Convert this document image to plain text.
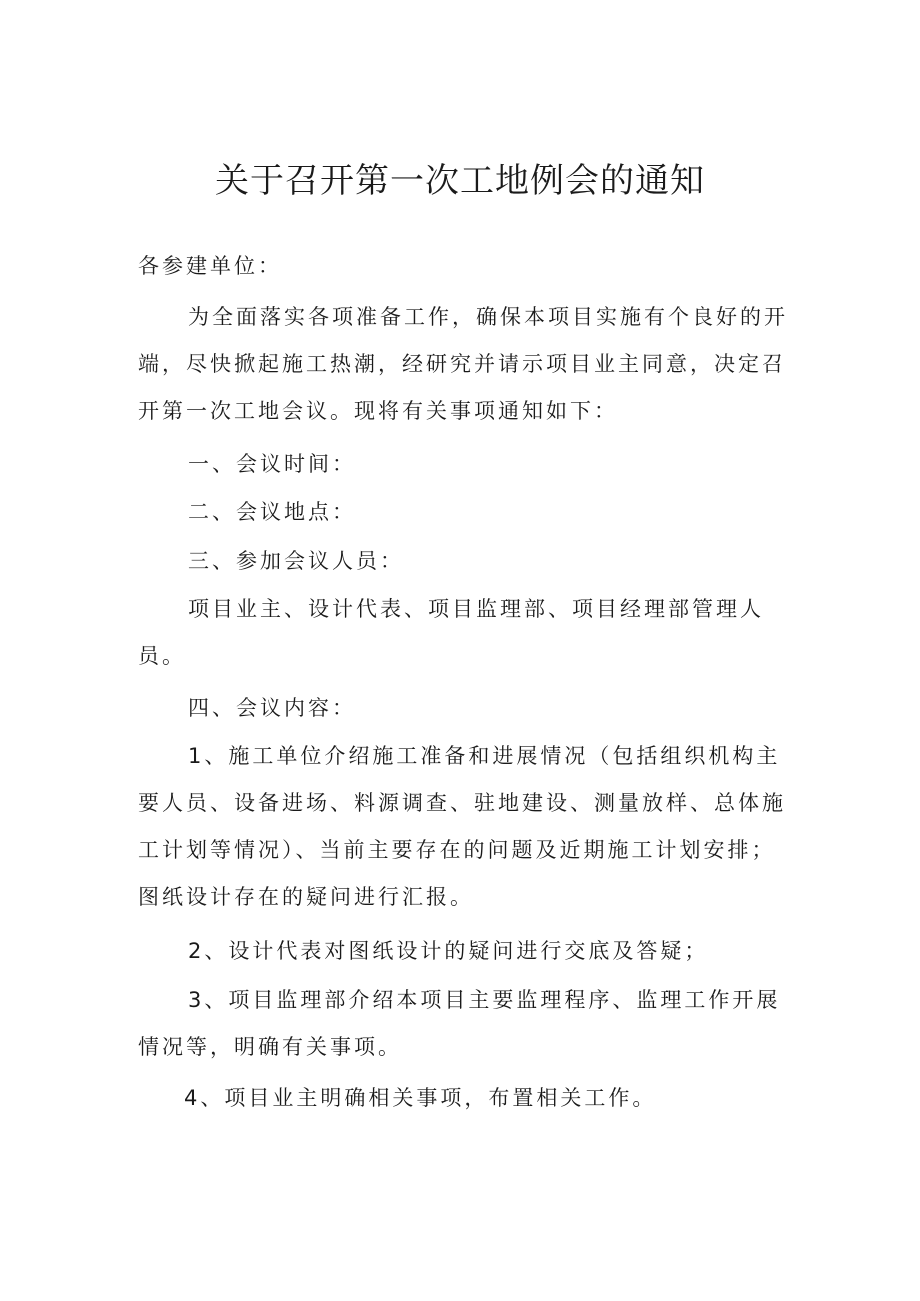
关于召开第一次工地例会的通知

各参建单位：

为全面落实各项准备工作，确保本项目实施有个良好的开

端，尽快掀起施工热潮，经研究并请示项目业主同意，决定召

开第一次工地会议。现将有关事项通知如下：

一、会议时间：

二、会议地点：

三、参加会议人员：

项目业主、设计代表、项目监理部、项目经理部管理人

员。

四、会议内容：

1、施工单位介绍施工准备和进展情况（包括组织机构主

要人员、设备进场、料源调查、驻地建设、测量放样、总体施

工计划等情况）、当前主要存在的问题及近期施工计划安排；

图纸设计存在的疑问进行汇报。

2、设计代表对图纸设计的疑问进行交底及答疑；

3、项目监理部介绍本项目主要监理程序、监理工作开展

情况等，明确有关事项。

4、项目业主明确相关事项，布置相关工作。
